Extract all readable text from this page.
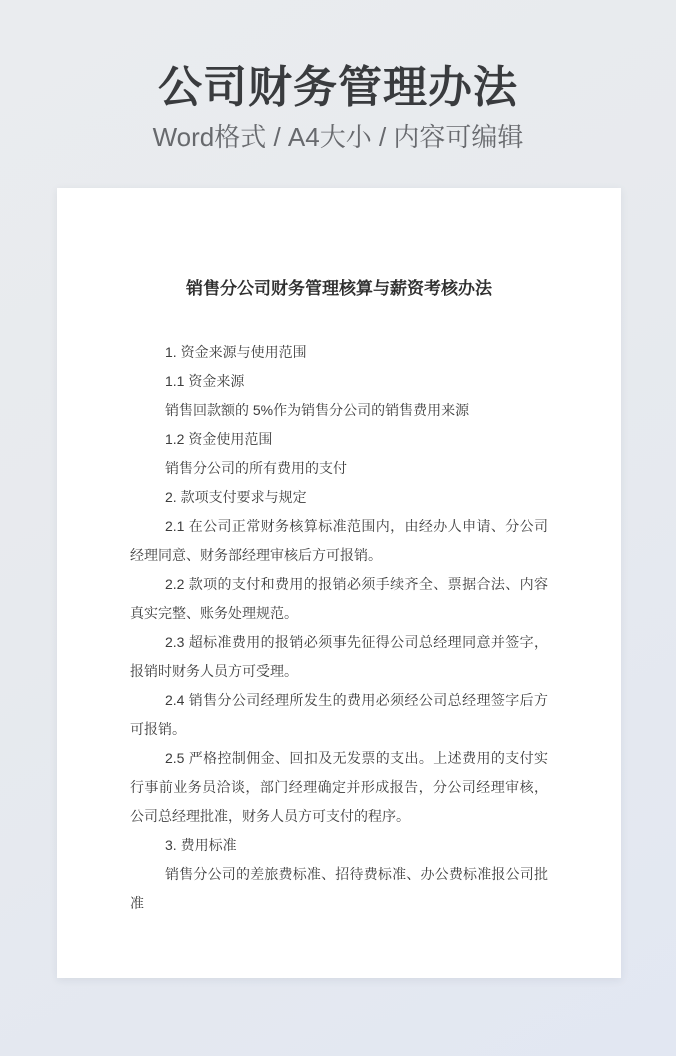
公司财务管理办法

Word格式 / A4大小 / 内容可编辑

销售分公司财务管理核算与薪资考核办法

1. 资金来源与使用范围

1.1 资金来源

销售回款额的 5%作为销售分公司的销售费用来源

1.2 资金使用范围

销售分公司的所有费用的支付

2. 款项支付要求与规定

2.1 在公司正常财务核算标准范围内，由经办人申请、分公司经理同意、财务部经理审核后方可报销。

2.2 款项的支付和费用的报销必须手续齐全、票据合法、内容真实完整、账务处理规范。

2.3 超标准费用的报销必须事先征得公司总经理同意并签字，报销时财务人员方可受理。

2.4 销售分公司经理所发生的费用必须经公司总经理签字后方可报销。

2.5 严格控制佣金、回扣及无发票的支出。上述费用的支付实行事前业务员洽谈，部门经理确定并形成报告，分公司经理审核，公司总经理批准，财务人员方可支付的程序。

3. 费用标准

销售分公司的差旅费标准、招待费标准、办公费标准报公司批准
